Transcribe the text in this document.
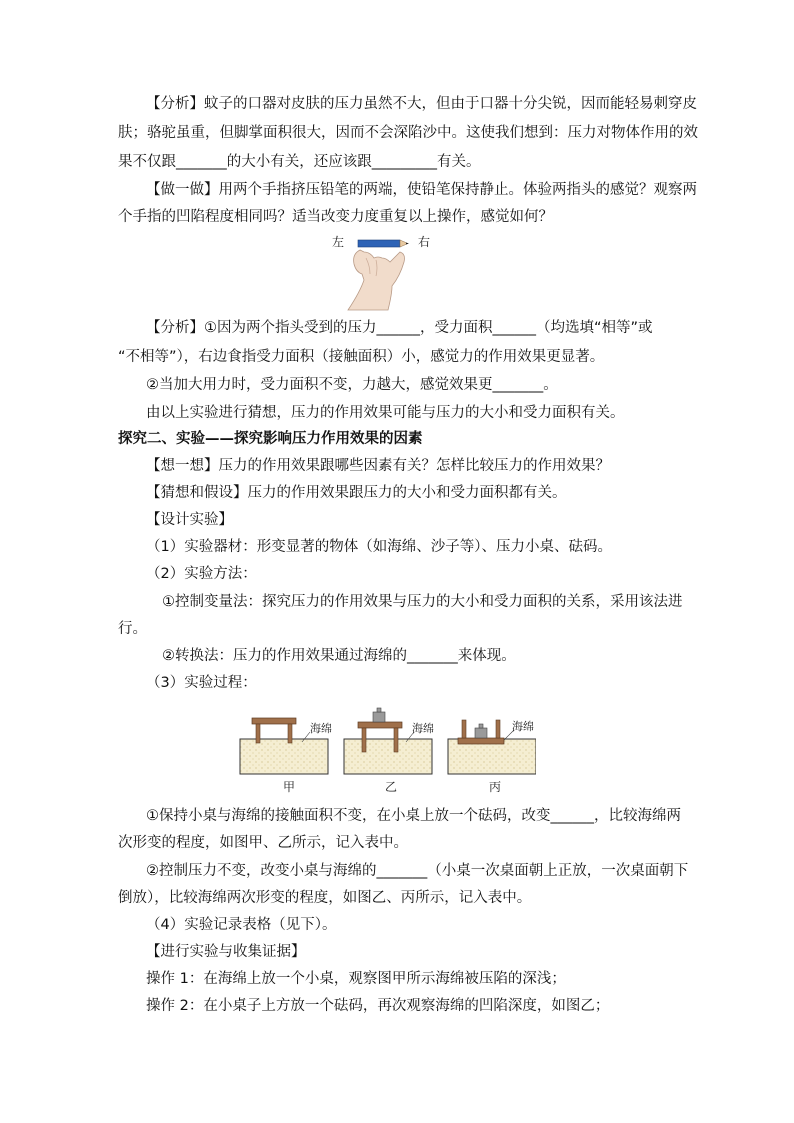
【分析】蚊子的口器对皮肤的压力虽然不大，但由于口器十分尖锐，因而能轻易刺穿皮
肤；骆驼虽重，但脚掌面积很大，因而不会深陷沙中。这使我们想到：压力对物体作用的效
果不仅跟_______的大小有关，还应该跟_________有关。
【做一做】用两个手指挤压铅笔的两端，使铅笔保持静止。体验两指头的感觉？观察两
个手指的凹陷程度相同吗？适当改变力度重复以上操作，感觉如何？
左	右
【分析】①因为两个指头受到的压力______，受力面积______（均选填“相等”或
“不相等”），右边食指受力面积（接触面积）小，感觉力的作用效果更显著。
②当加大用力时，受力面积不变，力越大，感觉效果更_______。
由以上实验进行猜想，压力的作用效果可能与压力的大小和受力面积有关。
探究二、实验——探究影响压力作用效果的因素
【想一想】压力的作用效果跟哪些因素有关？怎样比较压力的作用效果？
【猜想和假设】压力的作用效果跟压力的大小和受力面积都有关。
【设计实验】
（1）实验器材：形变显著的物体（如海绵、沙子等）、压力小桌、砝码。
（2）实验方法：
①控制变量法：探究压力的作用效果与压力的大小和受力面积的关系，采用该法进
行。
②转换法：压力的作用效果通过海绵的_______来体现。
（3）实验过程：
海绵	海绵	海绵
甲	乙	丙
①保持小桌与海绵的接触面积不变，在小桌上放一个砝码，改变______，比较海绵两
次形变的程度，如图甲、乙所示，记入表中。
②控制压力不变，改变小桌与海绵的_______（小桌一次桌面朝上正放，一次桌面朝下
倒放），比较海绵两次形变的程度，如图乙、丙所示，记入表中。
（4）实验记录表格（见下）。
【进行实验与收集证据】
操作 1：在海绵上放一个小桌，观察图甲所示海绵被压陷的深浅；
操作 2：在小桌子上方放一个砝码，再次观察海绵的凹陷深度，如图乙；
